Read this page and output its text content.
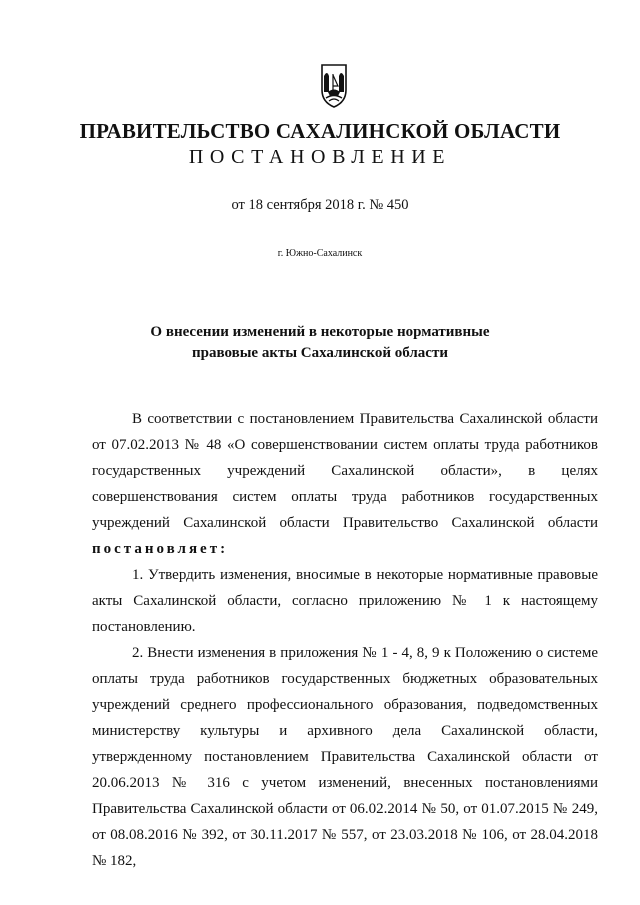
ПРАВИТЕЛЬСТВО САХАЛИНСКОЙ ОБЛАСТИ
ПОСТАНОВЛЕНИЕ
от 18 сентября 2018 г. № 450
г. Южно-Сахалинск
О внесении изменений в некоторые нормативные
правовые акты Сахалинской области

В соответствии с постановлением Правительства Сахалинской области от 07.02.2013 № 48 «О совершенствовании систем оплаты труда работников государственных учреждений Сахалинской области», в целях совершенствования систем оплаты труда работников государственных учреждений Сахалинской области Правительство Сахалинской области постановляет:

1. Утвердить изменения, вносимые в некоторые нормативные правовые акты Сахалинской области, согласно приложению № 1 к настоящему постановлению.

2. Внести изменения в приложения № 1 - 4, 8, 9 к Положению о системе оплаты труда работников государственных бюджетных образовательных учреждений среднего профессионального образования, подведомственных министерству культуры и архивного дела Сахалинской области, утвержденному постановлением Правительства Сахалинской области от 20.06.2013 № 316 с учетом изменений, внесенных постановлениями Правительства Сахалинской области от 06.02.2014 № 50, от 01.07.2015 № 249, от 08.08.2016 № 392, от 30.11.2017 № 557, от 23.03.2018 № 106, от 28.04.2018 № 182,
